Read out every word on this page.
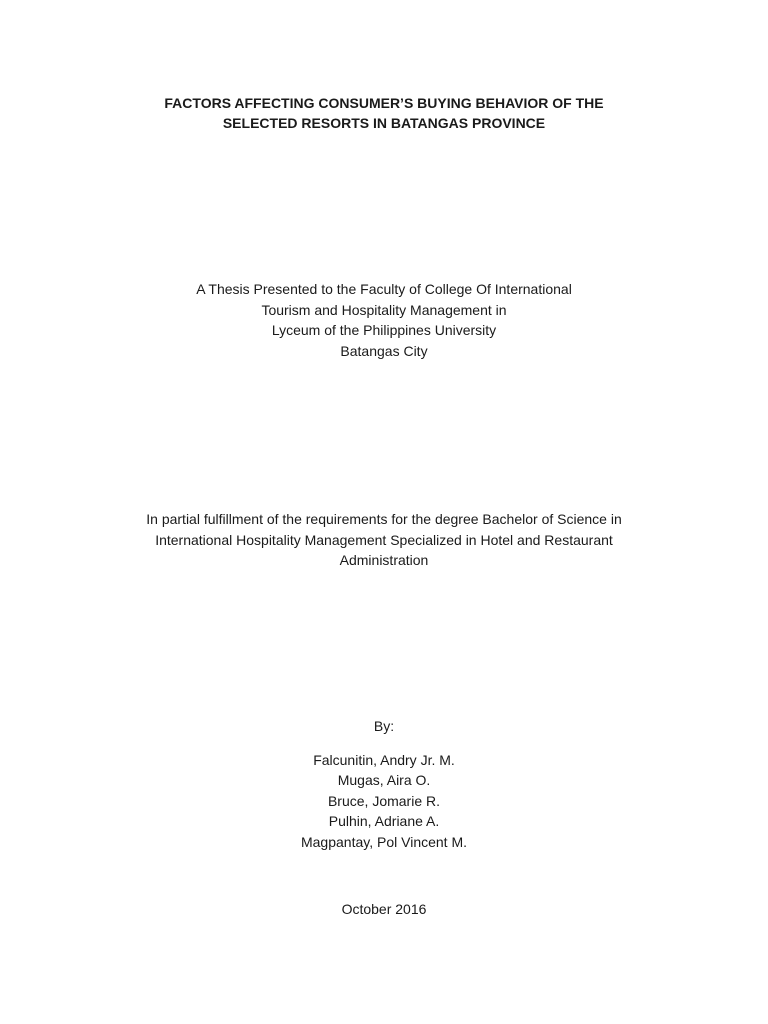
FACTORS AFFECTING CONSUMER’S BUYING BEHAVIOR OF THE
SELECTED RESORTS IN BATANGAS PROVINCE
A Thesis Presented to the Faculty of College Of International
Tourism and Hospitality Management in
Lyceum of the Philippines University
Batangas City
In partial fulfillment of the requirements for the degree Bachelor of Science in
International Hospitality Management Specialized in Hotel and Restaurant
Administration
By:
Falcunitin, Andry Jr. M.
Mugas, Aira O.
Bruce, Jomarie R.
Pulhin, Adriane A.
Magpantay, Pol Vincent M.
October 2016
